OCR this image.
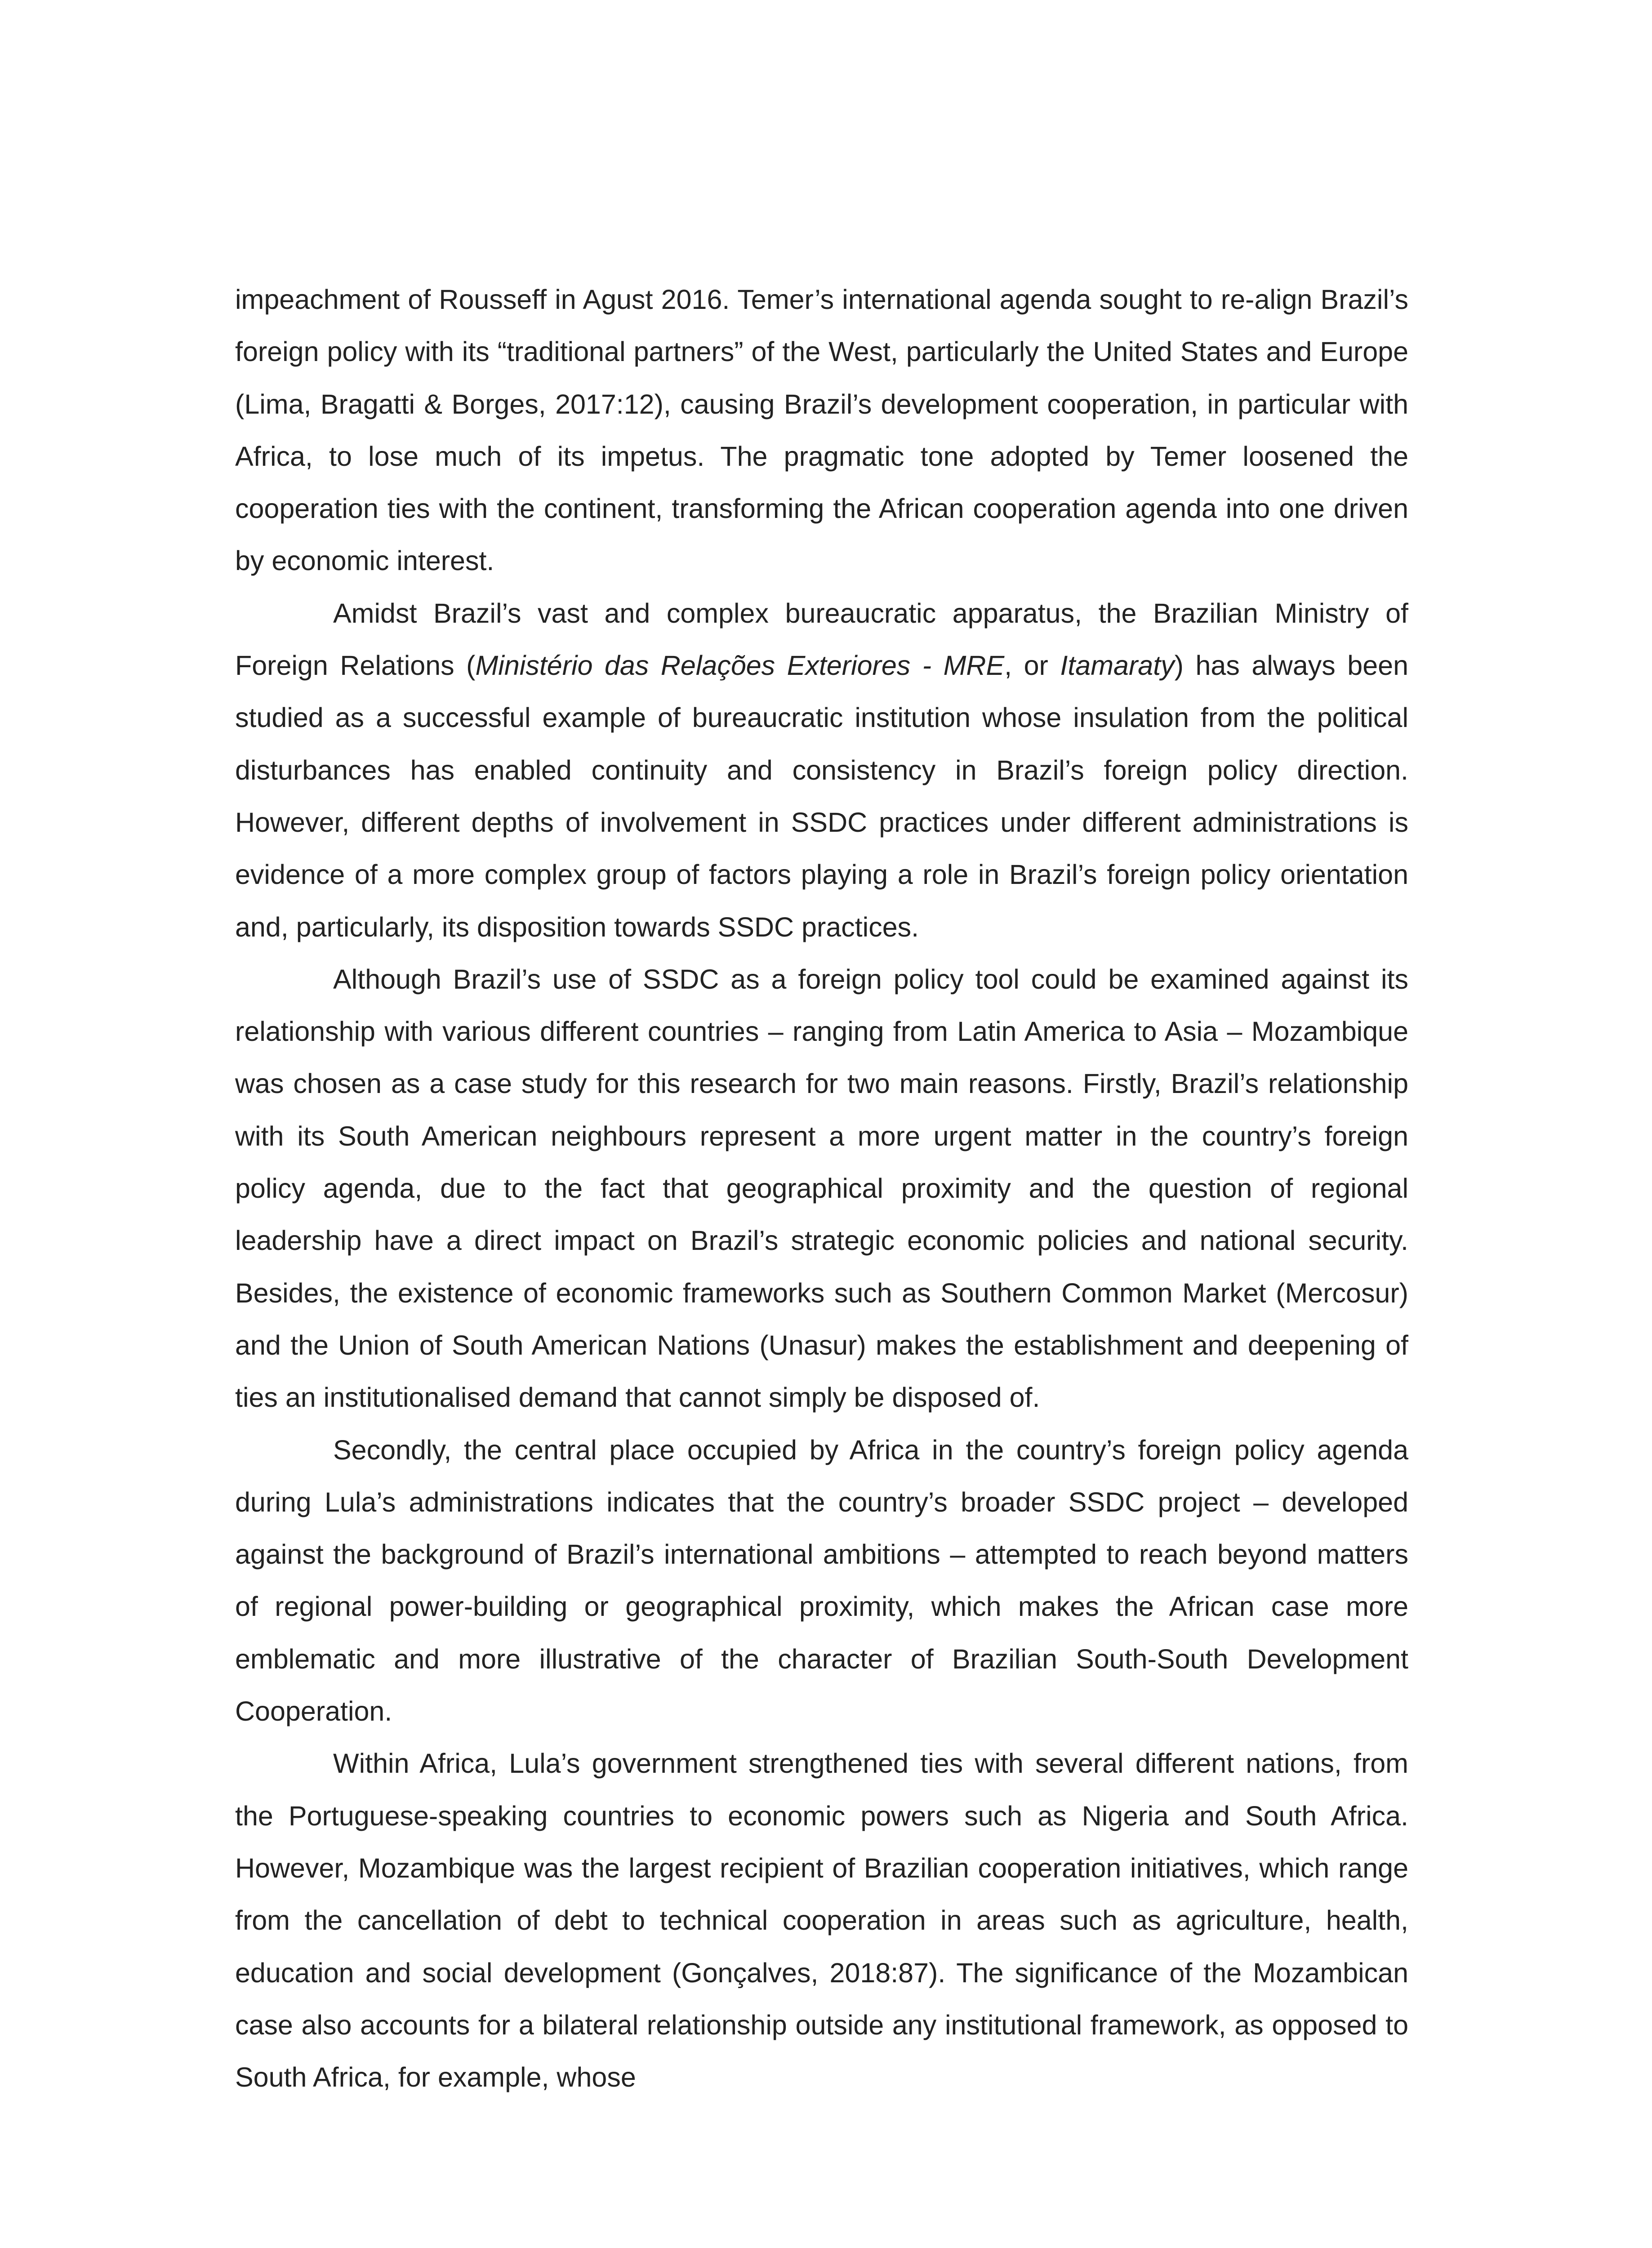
impeachment of Rousseff in Agust 2016. Temer’s international agenda sought to re-align Brazil’s foreign policy with its “traditional partners” of the West, particularly the United States and Europe (Lima, Bragatti & Borges, 2017:12), causing Brazil’s development cooperation, in particular with Africa, to lose much of its impetus. The pragmatic tone adopted by Temer loosened the cooperation ties with the continent, transforming the African cooperation agenda into one driven by economic interest.

Amidst Brazil’s vast and complex bureaucratic apparatus, the Brazilian Ministry of Foreign Relations (Ministério das Relações Exteriores - MRE, or Itamaraty) has always been studied as a successful example of bureaucratic institution whose insulation from the political disturbances has enabled continuity and consistency in Brazil’s foreign policy direction. However, different depths of involvement in SSDC practices under different administrations is evidence of a more complex group of factors playing a role in Brazil’s foreign policy orientation and, particularly, its disposition towards SSDC practices.

Although Brazil’s use of SSDC as a foreign policy tool could be examined against its relationship with various different countries – ranging from Latin America to Asia – Mozambique was chosen as a case study for this research for two main reasons. Firstly, Brazil’s relationship with its South American neighbours represent a more urgent matter in the country’s foreign policy agenda, due to the fact that geographical proximity and the question of regional leadership have a direct impact on Brazil’s strategic economic policies and national security. Besides, the existence of economic frameworks such as Southern Common Market (Mercosur) and the Union of South American Nations (Unasur) makes the establishment and deepening of ties an institutionalised demand that cannot simply be disposed of.

Secondly, the central place occupied by Africa in the country’s foreign policy agenda during Lula’s administrations indicates that the country’s broader SSDC project – developed against the background of Brazil’s international ambitions – attempted to reach beyond matters of regional power-building or geographical proximity, which makes the African case more emblematic and more illustrative of the character of Brazilian South-South Development Cooperation.

Within Africa, Lula’s government strengthened ties with several different nations, from the Portuguese-speaking countries to economic powers such as Nigeria and South Africa. However, Mozambique was the largest recipient of Brazilian cooperation initiatives, which range from the cancellation of debt to technical cooperation in areas such as agriculture, health, education and social development (Gonçalves, 2018:87). The significance of the Mozambican case also accounts for a bilateral relationship outside any institutional framework, as opposed to South Africa, for example, whose
